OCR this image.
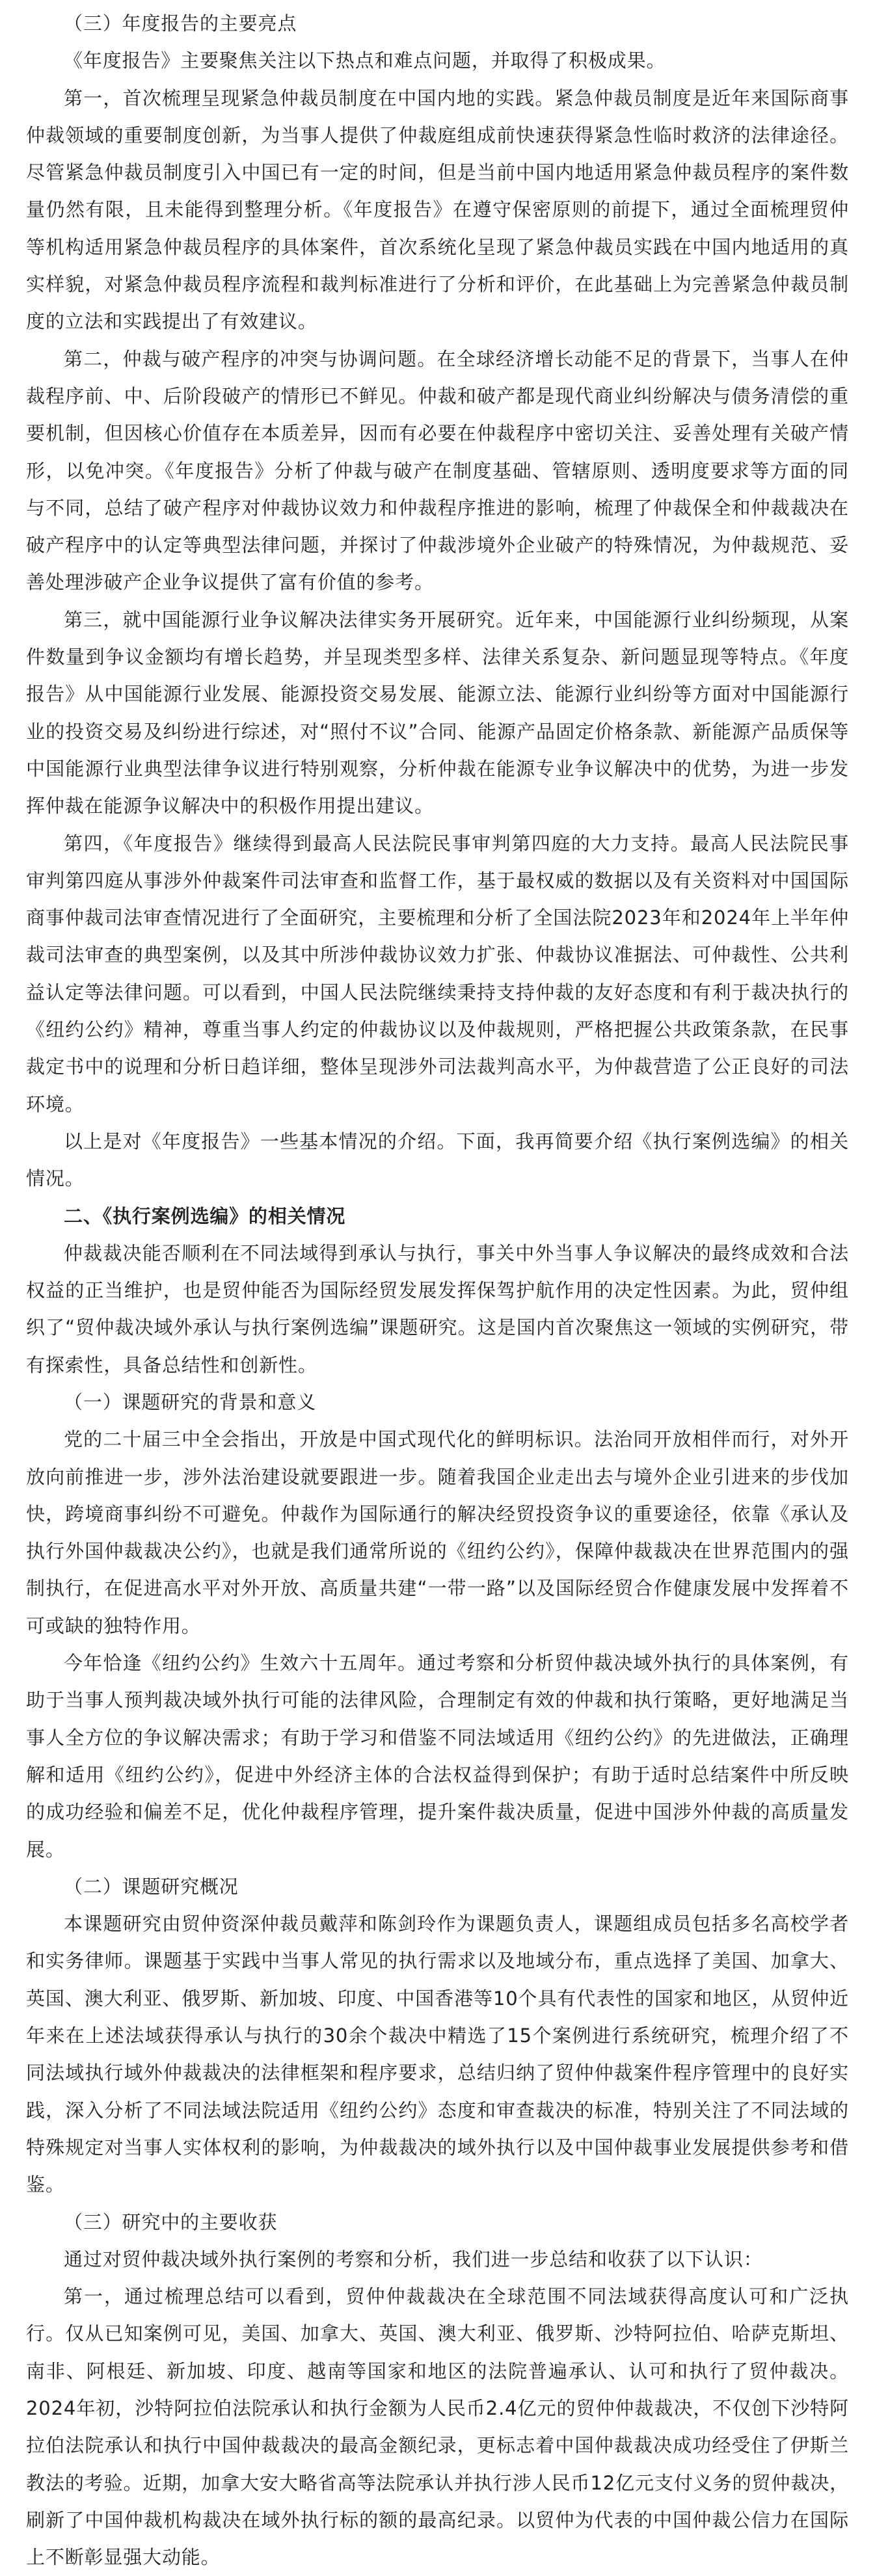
（三）年度报告的主要亮点

《年度报告》主要聚焦关注以下热点和难点问题，并取得了积极成果。

第一，首次梳理呈现紧急仲裁员制度在中国内地的实践。紧急仲裁员制度是近年来国际商事仲裁领域的重要制度创新，为当事人提供了仲裁庭组成前快速获得紧急性临时救济的法律途径。尽管紧急仲裁员制度引入中国已有一定的时间，但是当前中国内地适用紧急仲裁员程序的案件数量仍然有限，且未能得到整理分析。《年度报告》在遵守保密原则的前提下，通过全面梳理贸仲等机构适用紧急仲裁员程序的具体案件，首次系统化呈现了紧急仲裁员实践在中国内地适用的真实样貌，对紧急仲裁员程序流程和裁判标准进行了分析和评价，在此基础上为完善紧急仲裁员制度的立法和实践提出了有效建议。

第二，仲裁与破产程序的冲突与协调问题。在全球经济增长动能不足的背景下，当事人在仲裁程序前、中、后阶段破产的情形已不鲜见。仲裁和破产都是现代商业纠纷解决与债务清偿的重要机制，但因核心价值存在本质差异，因而有必要在仲裁程序中密切关注、妥善处理有关破产情形，以免冲突。《年度报告》分析了仲裁与破产在制度基础、管辖原则、透明度要求等方面的同与不同，总结了破产程序对仲裁协议效力和仲裁程序推进的影响，梳理了仲裁保全和仲裁裁决在破产程序中的认定等典型法律问题，并探讨了仲裁涉境外企业破产的特殊情况，为仲裁规范、妥善处理涉破产企业争议提供了富有价值的参考。

第三，就中国能源行业争议解决法律实务开展研究。近年来，中国能源行业纠纷频现，从案件数量到争议金额均有增长趋势，并呈现类型多样、法律关系复杂、新问题显现等特点。《年度报告》从中国能源行业发展、能源投资交易发展、能源立法、能源行业纠纷等方面对中国能源行业的投资交易及纠纷进行综述，对“照付不议”合同、能源产品固定价格条款、新能源产品质保等中国能源行业典型法律争议进行特别观察，分析仲裁在能源专业争议解决中的优势，为进一步发挥仲裁在能源争议解决中的积极作用提出建议。

第四，《年度报告》继续得到最高人民法院民事审判第四庭的大力支持。最高人民法院民事审判第四庭从事涉外仲裁案件司法审查和监督工作，基于最权威的数据以及有关资料对中国国际商事仲裁司法审查情况进行了全面研究，主要梳理和分析了全国法院2023年和2024年上半年仲裁司法审查的典型案例，以及其中所涉仲裁协议效力扩张、仲裁协议准据法、可仲裁性、公共利益认定等法律问题。可以看到，中国人民法院继续秉持支持仲裁的友好态度和有利于裁决执行的《纽约公约》精神，尊重当事人约定的仲裁协议以及仲裁规则，严格把握公共政策条款，在民事裁定书中的说理和分析日趋详细，整体呈现涉外司法裁判高水平，为仲裁营造了公正良好的司法环境。

以上是对《年度报告》一些基本情况的介绍。下面，我再简要介绍《执行案例选编》的相关情况。

二、《执行案例选编》的相关情况

仲裁裁决能否顺利在不同法域得到承认与执行，事关中外当事人争议解决的最终成效和合法权益的正当维护，也是贸仲能否为国际经贸发展发挥保驾护航作用的决定性因素。为此，贸仲组织了“贸仲裁决域外承认与执行案例选编”课题研究。这是国内首次聚焦这一领域的实例研究，带有探索性，具备总结性和创新性。

（一）课题研究的背景和意义

党的二十届三中全会指出，开放是中国式现代化的鲜明标识。法治同开放相伴而行，对外开放向前推进一步，涉外法治建设就要跟进一步。随着我国企业走出去与境外企业引进来的步伐加快，跨境商事纠纷不可避免。仲裁作为国际通行的解决经贸投资争议的重要途径，依靠《承认及执行外国仲裁裁决公约》，也就是我们通常所说的《纽约公约》，保障仲裁裁决在世界范围内的强制执行，在促进高水平对外开放、高质量共建“一带一路”以及国际经贸合作健康发展中发挥着不可或缺的独特作用。

今年恰逢《纽约公约》生效六十五周年。通过考察和分析贸仲裁决域外执行的具体案例，有助于当事人预判裁决域外执行可能的法律风险，合理制定有效的仲裁和执行策略，更好地满足当事人全方位的争议解决需求；有助于学习和借鉴不同法域适用《纽约公约》的先进做法，正确理解和适用《纽约公约》，促进中外经济主体的合法权益得到保护；有助于适时总结案件中所反映的成功经验和偏差不足，优化仲裁程序管理，提升案件裁决质量，促进中国涉外仲裁的高质量发展。

（二）课题研究概况

本课题研究由贸仲资深仲裁员戴萍和陈剑玲作为课题负责人，课题组成员包括多名高校学者和实务律师。课题基于实践中当事人常见的执行需求以及地域分布，重点选择了美国、加拿大、英国、澳大利亚、俄罗斯、新加坡、印度、中国香港等10个具有代表性的国家和地区，从贸仲近年来在上述法域获得承认与执行的30余个裁决中精选了15个案例进行系统研究，梳理介绍了不同法域执行域外仲裁裁决的法律框架和程序要求，总结归纳了贸仲仲裁案件程序管理中的良好实践，深入分析了不同法域法院适用《纽约公约》态度和审查裁决的标准，特别关注了不同法域的特殊规定对当事人实体权利的影响，为仲裁裁决的域外执行以及中国仲裁事业发展提供参考和借鉴。

（三）研究中的主要收获

通过对贸仲裁决域外执行案例的考察和分析，我们进一步总结和收获了以下认识：

第一，通过梳理总结可以看到，贸仲仲裁裁决在全球范围不同法域获得高度认可和广泛执行。仅从已知案例可见，美国、加拿大、英国、澳大利亚、俄罗斯、沙特阿拉伯、哈萨克斯坦、南非、阿根廷、新加坡、印度、越南等国家和地区的法院普遍承认、认可和执行了贸仲裁决。2024年初，沙特阿拉伯法院承认和执行金额为人民币2.4亿元的贸仲仲裁裁决，不仅创下沙特阿拉伯法院承认和执行中国仲裁裁决的最高金额纪录，更标志着中国仲裁裁决成功经受住了伊斯兰教法的考验。近期，加拿大安大略省高等法院承认并执行涉人民币12亿元支付义务的贸仲裁决，刷新了中国仲裁机构裁决在域外执行标的额的最高纪录。以贸仲为代表的中国仲裁公信力在国际上不断彰显强大动能。
